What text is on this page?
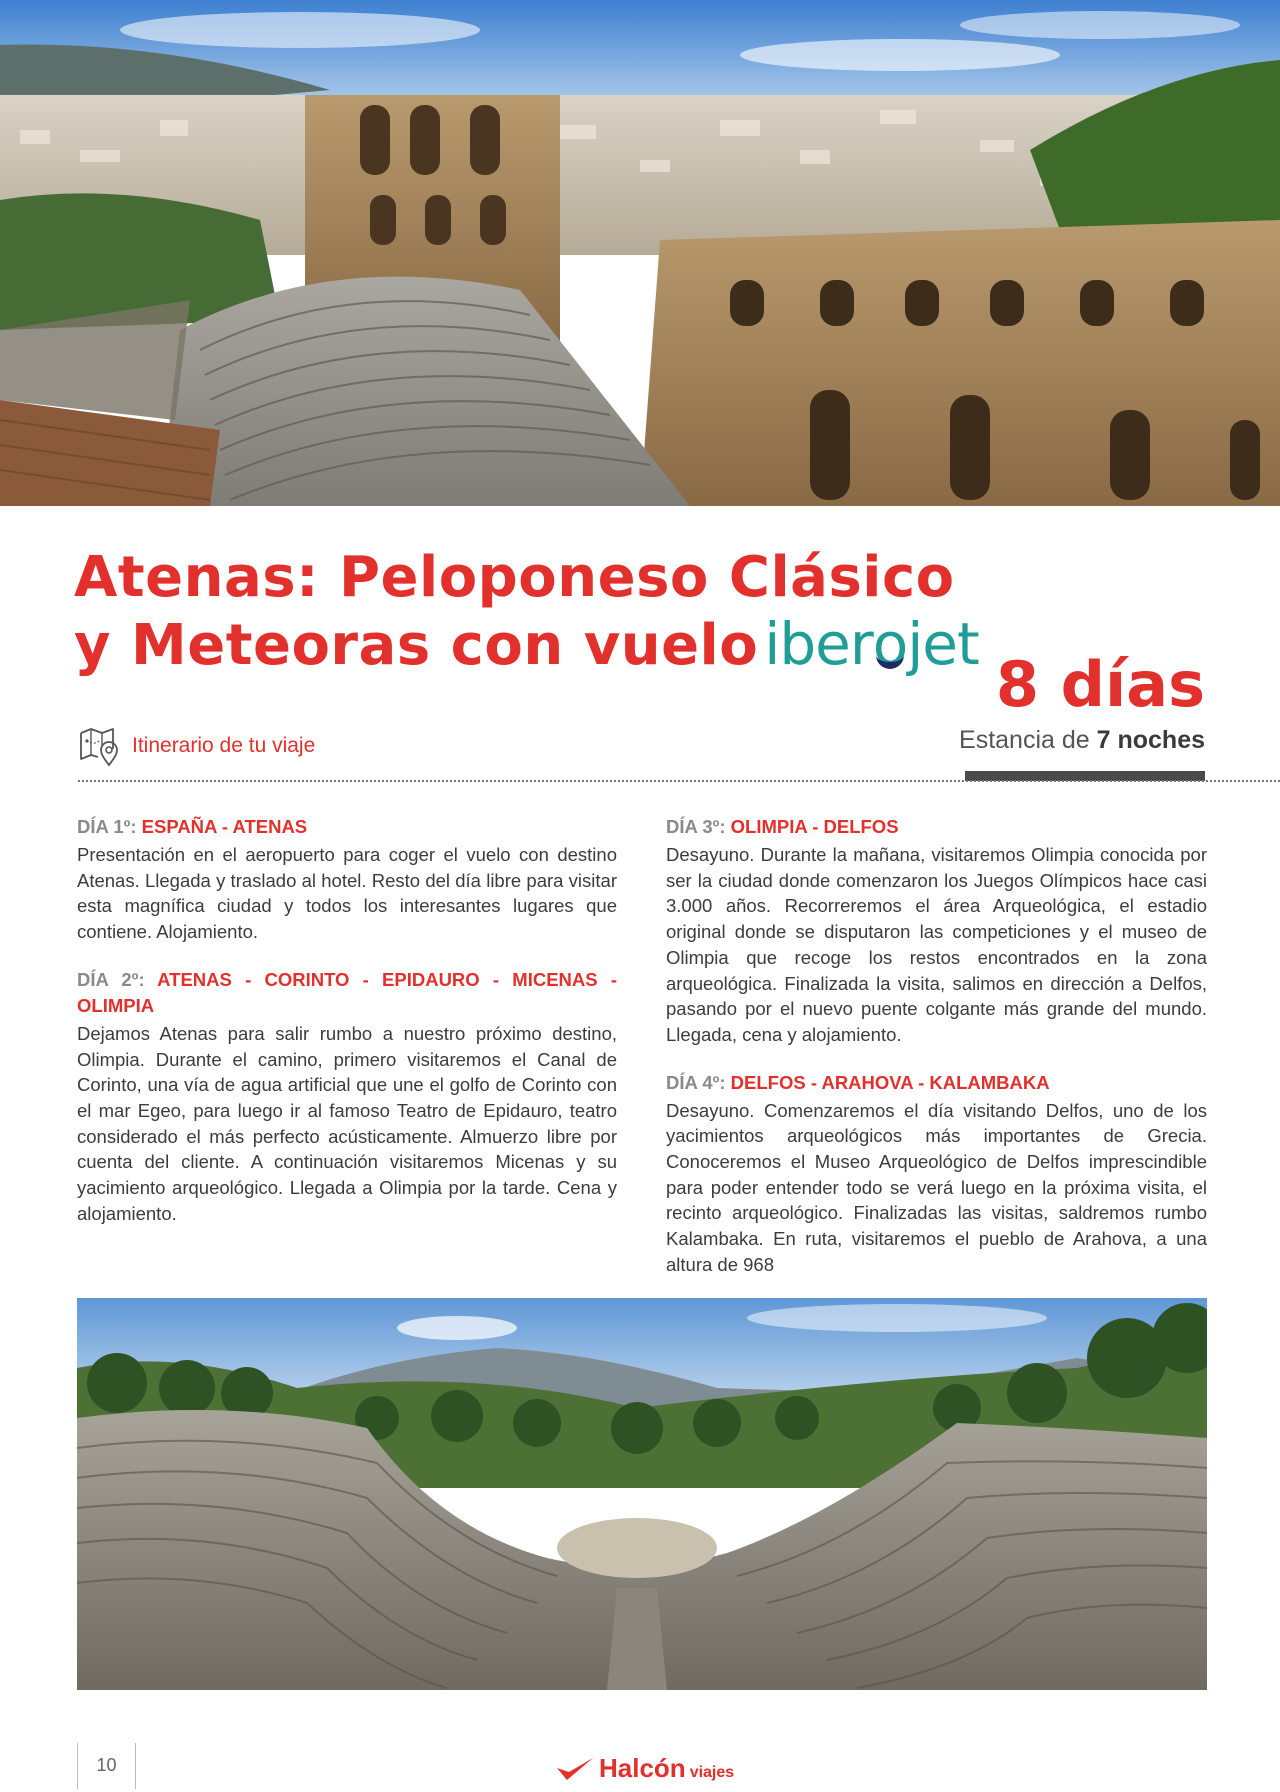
Atenas: Peloponeso Clásico
y Meteoras con vuelo iberojet
8 días
Estancia de 7 noches
Itinerario de tu viaje

DÍA 1º: ESPAÑA - ATENAS

Presentación en el aeropuerto para coger el vuelo con destino Atenas. Llegada y traslado al hotel. Resto del día libre para visitar esta magnífica ciudad y todos los interesantes lugares que contiene. Alojamiento.

DÍA 2º: ATENAS - CORINTO - EPIDAURO - MICENAS - OLIMPIA

Dejamos Atenas para salir rumbo a nuestro próximo destino, Olimpia. Durante el camino, primero visitaremos el Canal de Corinto, una vía de agua artificial que une el golfo de Corinto con el mar Egeo, para luego ir al famoso Teatro de Epidauro, teatro considerado el más perfecto acústicamente. Almuerzo libre por cuenta del cliente. A continuación visitaremos Micenas y su yacimiento arqueológico. Llegada a Olimpia por la tarde. Cena y alojamiento.

DÍA 3º: OLIMPIA - DELFOS

Desayuno. Durante la mañana, visitaremos Olimpia conocida por ser la ciudad donde comenzaron los Juegos Olímpicos hace casi 3.000 años. Recorreremos el área Arqueológica, el estadio original donde se disputaron las competiciones y el museo de Olimpia que recoge los restos encontrados en la zona arqueológica. Finalizada la visita, salimos en dirección a Delfos, pasando por el nuevo puente colgante más grande del mundo. Llegada, cena y alojamiento.

DÍA 4º: DELFOS - ARAHOVA - KALAMBAKA

Desayuno. Comenzaremos el día visitando Delfos, uno de los yacimientos arqueológicos más importantes de Grecia. Conoceremos el Museo Arqueológico de Delfos imprescindible para poder entender todo se verá luego en la próxima visita, el recinto arqueológico. Finalizadas las visitas, saldremos rumbo Kalambaka. En ruta, visitaremos el pueblo de Arahova, a una altura de 968

10	Halcón viajes
